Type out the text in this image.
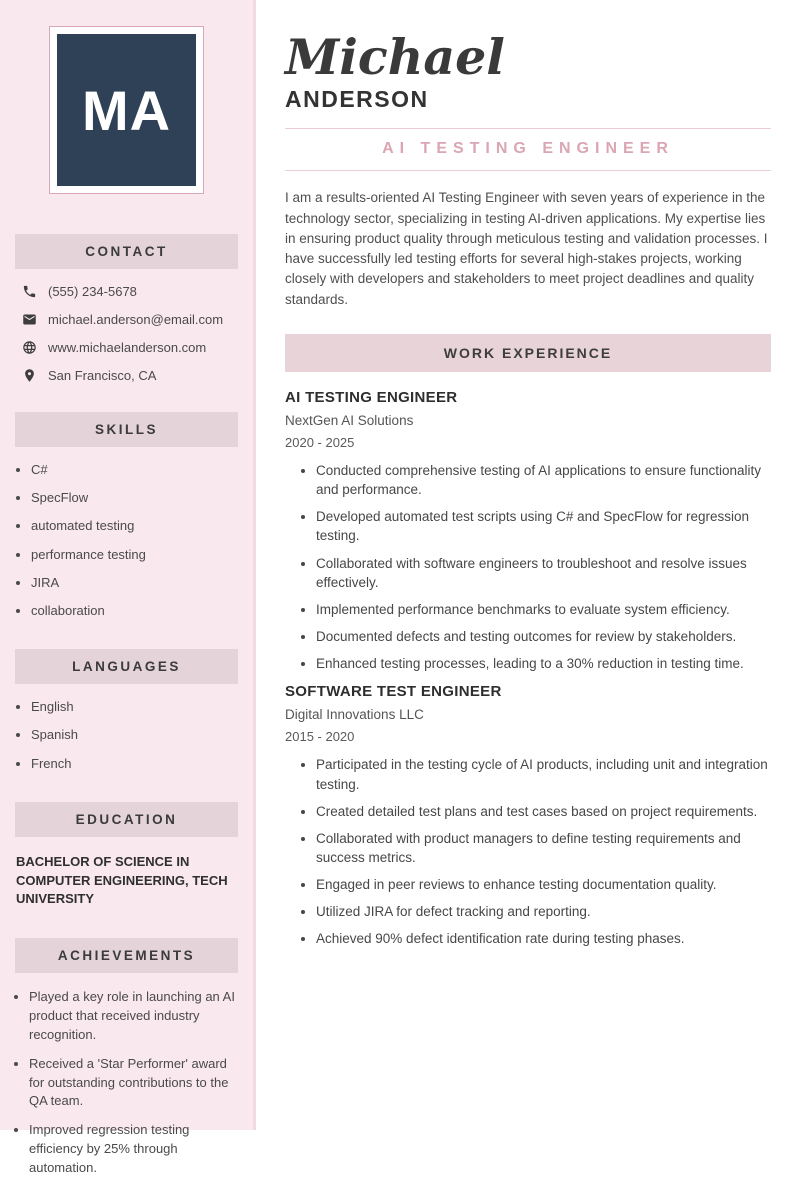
MA
CONTACT
(555) 234-5678
michael.anderson@email.com
www.michaelanderson.com
San Francisco, CA
SKILLS
• C#
• SpecFlow
• automated testing
• performance testing
• JIRA
• collaboration
LANGUAGES
• English
• Spanish
• French
EDUCATION
BACHELOR OF SCIENCE IN COMPUTER ENGINEERING, TECH UNIVERSITY
ACHIEVEMENTS
• Played a key role in launching an AI product that received industry recognition.
• Received a 'Star Performer' award for outstanding contributions to the QA team.
• Improved regression testing efficiency by 25% through automation.
Michael
ANDERSON
AI TESTING ENGINEER

I am a results-oriented AI Testing Engineer with seven years of experience in the technology sector, specializing in testing AI-driven applications. My expertise lies in ensuring product quality through meticulous testing and validation processes. I have successfully led testing efforts for several high-stakes projects, working closely with developers and stakeholders to meet project deadlines and quality standards.

WORK EXPERIENCE
AI TESTING ENGINEER
NextGen AI Solutions
2020 - 2025
• Conducted comprehensive testing of AI applications to ensure functionality and performance.
• Developed automated test scripts using C# and SpecFlow for regression testing.
• Collaborated with software engineers to troubleshoot and resolve issues effectively.
• Implemented performance benchmarks to evaluate system efficiency.
• Documented defects and testing outcomes for review by stakeholders.
• Enhanced testing processes, leading to a 30% reduction in testing time.
SOFTWARE TEST ENGINEER
Digital Innovations LLC
2015 - 2020
• Participated in the testing cycle of AI products, including unit and integration testing.
• Created detailed test plans and test cases based on project requirements.
• Collaborated with product managers to define testing requirements and success metrics.
• Engaged in peer reviews to enhance testing documentation quality.
• Utilized JIRA for defect tracking and reporting.
• Achieved 90% defect identification rate during testing phases.
